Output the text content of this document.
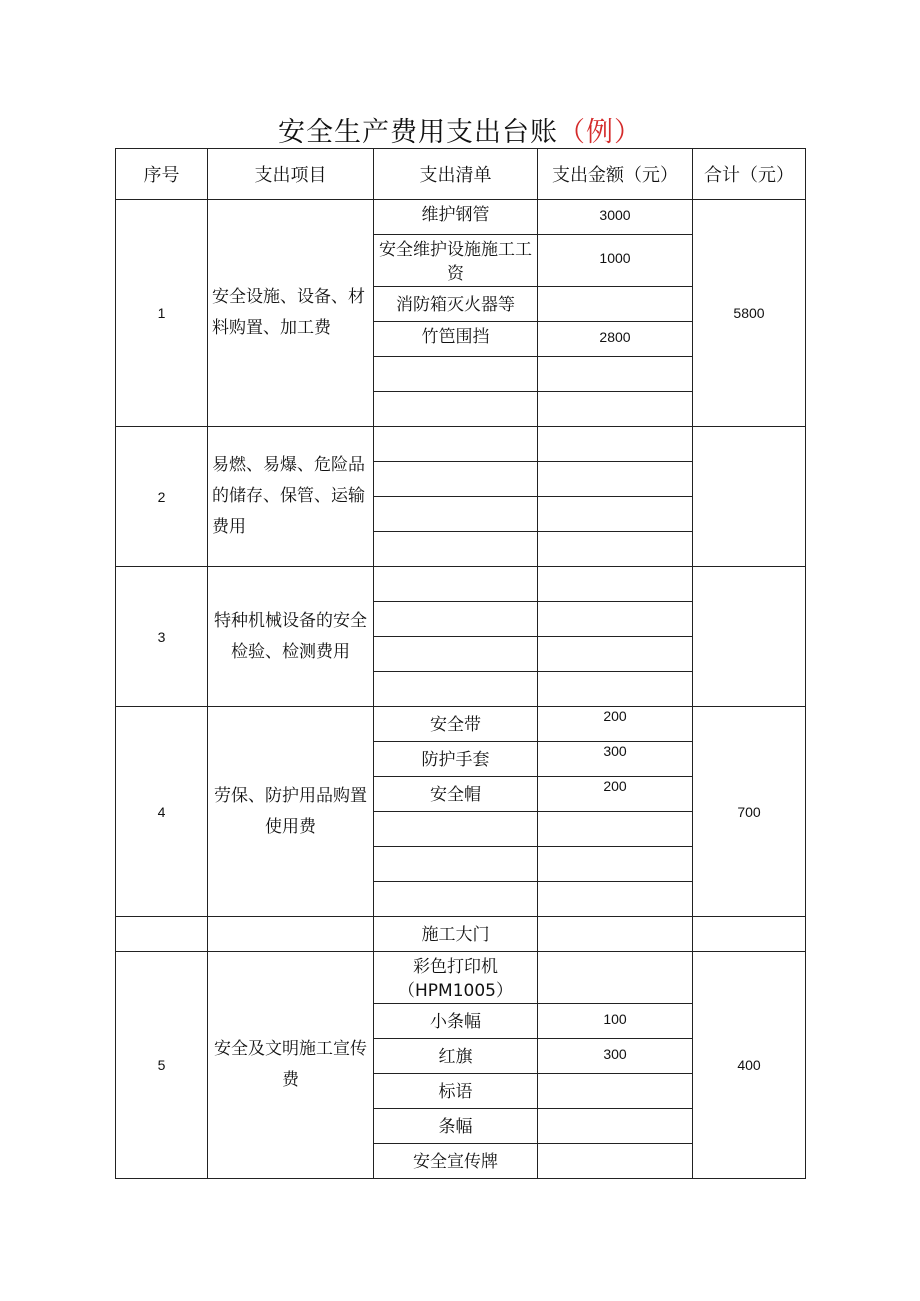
安全生产费用支出台账（例）
序号	支出项目	支出清单	支出金额（元）	合计（元）
1	安全设施、设备、材料购置、加工费	维护钢管	3000	5800

		安全维护设施施工工资	1000	

		消防箱灭火器等		

		竹笆围挡	2800	

2	易燃、易爆、危险品的储存、保管、运输费用	

3	特种机械设备的安全检验、检测费用	

4	劳保、防护用品购置使用费	安全带	200	700

		防护手套	300	

		安全帽	200	

		施工大门		

5	安全及文明施工宣传费	彩色打印机（HPM1005）		400

		小条幅	100	

		红旗	300	

		标语		

		条幅		

		安全宣传牌		
